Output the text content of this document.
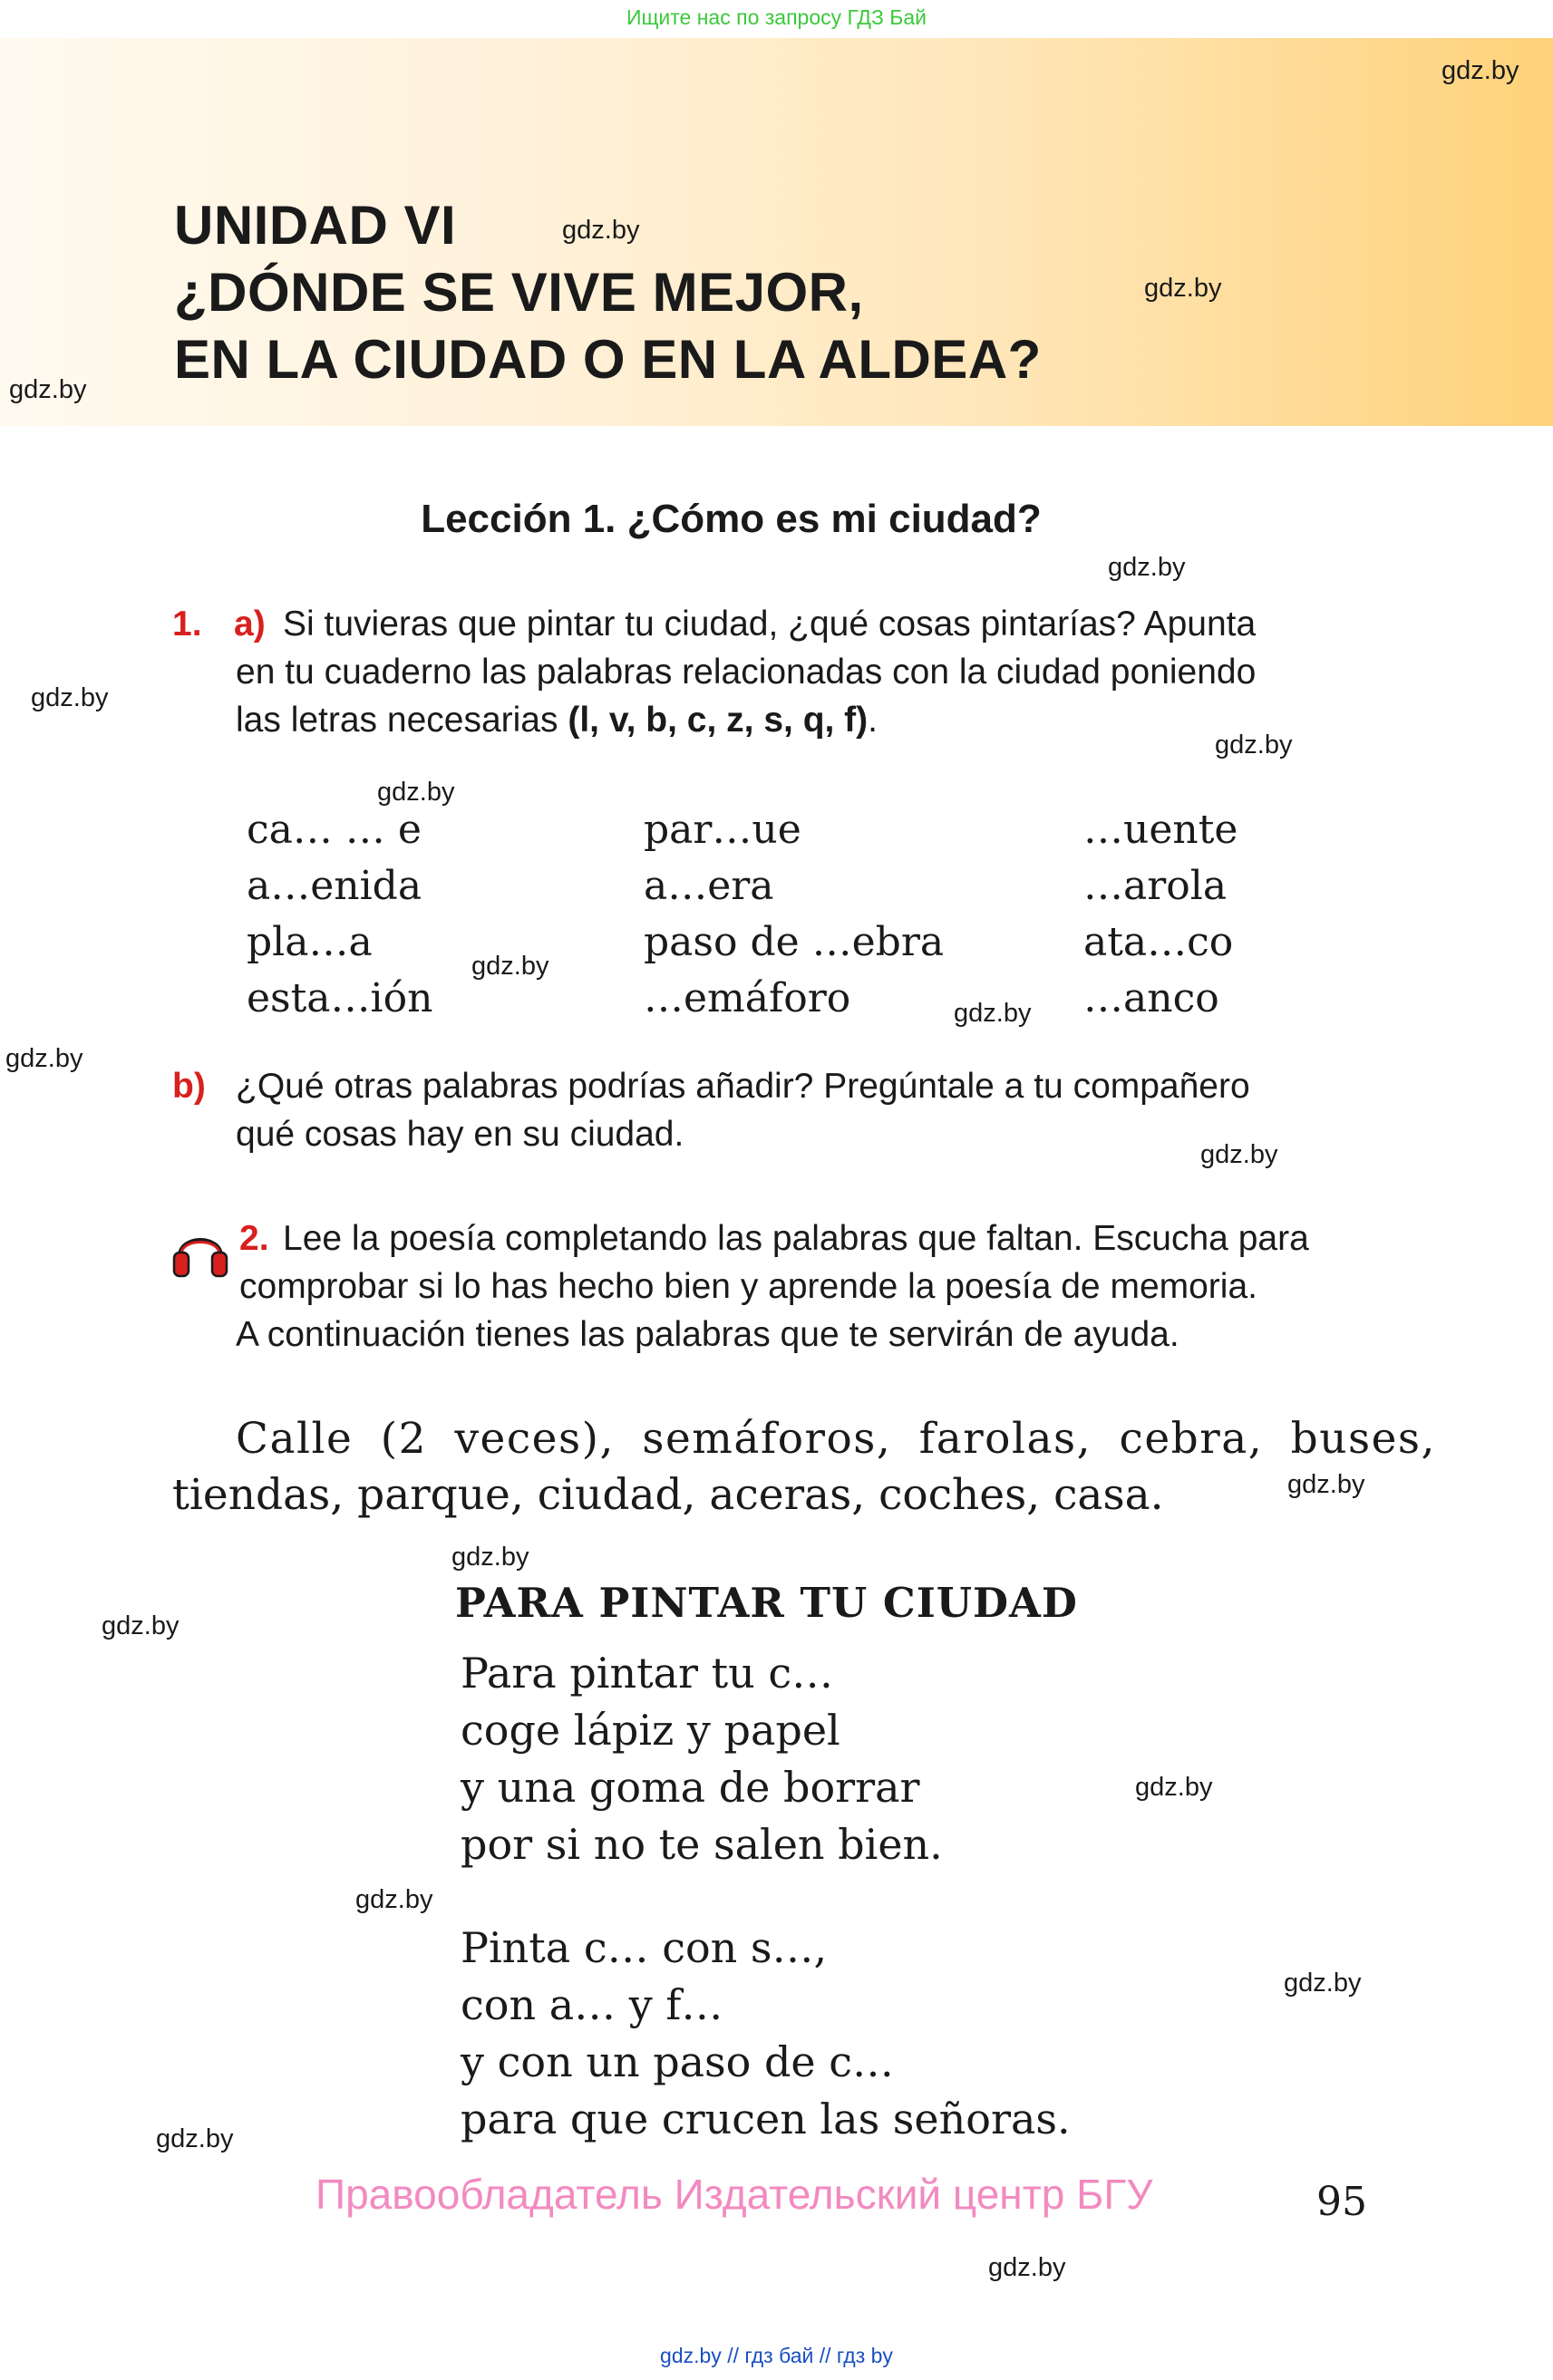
Ищите нас по запросу ГДЗ Бай
gdz.by
gdz.by
gdz.by
gdz.by
gdz.by
gdz.by
gdz.by
gdz.by
gdz.by
gdz.by
gdz.by
gdz.by
gdz.by
gdz.by
gdz.by
gdz.by
gdz.by
gdz.by
gdz.by
gdz.by
UNIDAD VI
¿DÓNDE SE VIVE MEJOR,
EN LA CIUDAD O EN LA ALDEA?
Lección 1. ¿Cómo es mi ciudad?
1. a) Si tuvieras que pintar tu ciudad, ¿qué cosas pintarías? Apunta
en tu cuaderno las palabras relacionadas con la ciudad poniendo
las letras necesarias (l, v, b, c, z, s, q, f).
ca… … e
a…enida
pla…a
esta…ión
par…ue
a…era
paso de …ebra
…emáforo
…uente
…arola
ata…co
…anco
b) ¿Qué otras palabras podrías añadir? Pregúntale a tu compañero
qué cosas hay en su ciudad.
2. Lee la poesía completando las palabras que faltan. Escucha para
comprobar si lo has hecho bien y aprende la poesía de memoria.
A continuación tienes las palabras que te servirán de ayuda.
Calle (2 veces), semáforos, farolas, cebra, buses,
tiendas, parque, ciudad, aceras, coches, casa.
PARA PINTAR TU CIUDAD
Para pintar tu c…
coge lápiz y papel
y una goma de borrar
por si no te salen bien.
Pinta c… con s…,
con a… y f…
y con un paso de c…
para que crucen las señoras.
Правообладатель Издательский центр БГУ	95
gdz.by // гдз бай // гдз by
